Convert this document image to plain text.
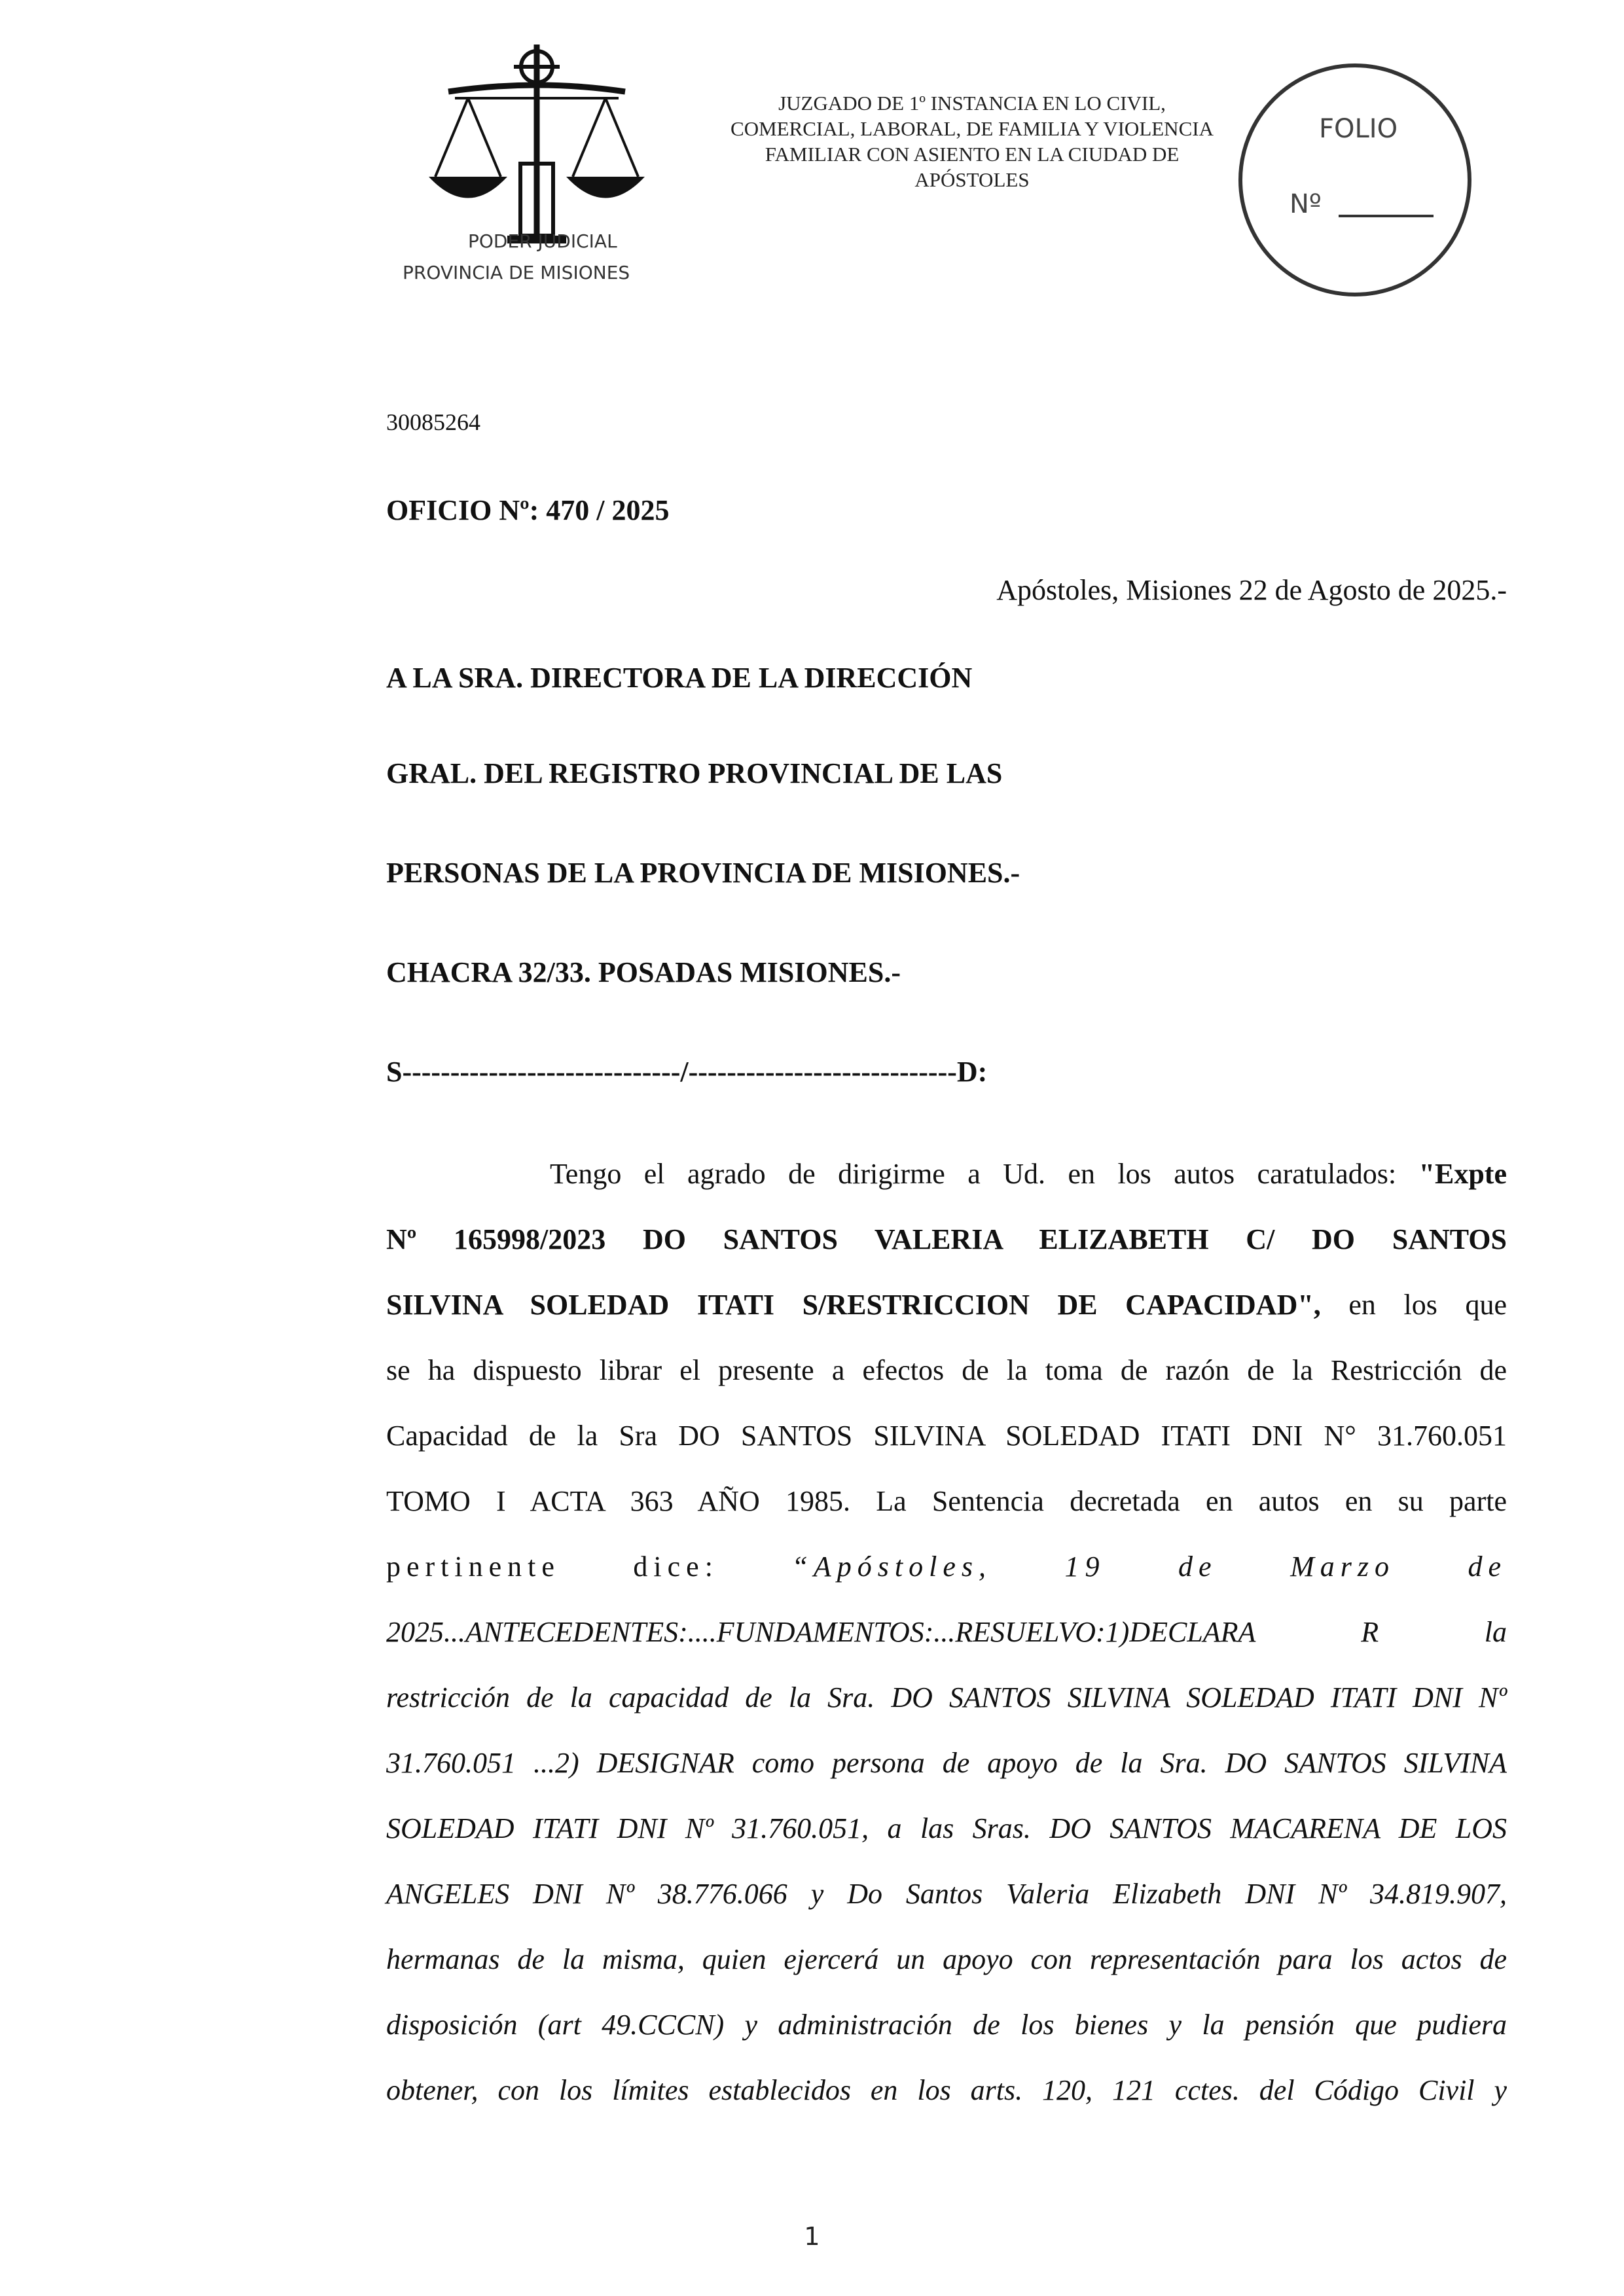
PODER JUDICIAL
PROVINCIA DE MISIONES
JUZGADO DE 1º INSTANCIA EN LO CIVIL,
COMERCIAL, LABORAL, DE FAMILIA Y VIOLENCIA
FAMILIAR CON ASIENTO EN LA CIUDAD DE
APÓSTOLES
FOLIO
Nº
30085264
OFICIO Nº: 470 / 2025
Apóstoles, Misiones 22 de Agosto de 2025.-
A LA SRA. DIRECTORA DE LA DIRECCIÓN
GRAL. DEL REGISTRO PROVINCIAL DE LAS
PERSONAS DE LA PROVINCIA DE MISIONES.-
CHACRA 32/33. POSADAS MISIONES.-
S-----------------------------/----------------------------D:
Tengo el agrado de dirigirme a Ud. en los autos caratulados: "Expte
Nº 165998/2023 DO SANTOS VALERIA ELIZABETH C/ DO SANTOS
SILVINA SOLEDAD ITATI S/RESTRICCION DE CAPACIDAD", en los que
se ha dispuesto librar el presente a efectos de la toma de razón de la Restricción de
Capacidad de la Sra DO SANTOS SILVINA SOLEDAD ITATI DNI N° 31.760.051
TOMO I ACTA 363 AÑO 1985. La Sentencia decretada en autos en su parte
pertinente dice: “Apóstoles, 19 de Marzo de
2025...ANTECEDENTES:....FUNDAMENTOS:...RESUELVO:1)DECLARA R la
restricción de la capacidad de la Sra. DO SANTOS SILVINA SOLEDAD ITATI DNI Nº
31.760.051 ...2) DESIGNAR como persona de apoyo de la Sra. DO SANTOS SILVINA
SOLEDAD ITATI DNI Nº 31.760.051, a las Sras. DO SANTOS MACARENA DE LOS
ANGELES DNI Nº 38.776.066 y Do Santos Valeria Elizabeth DNI Nº 34.819.907,
hermanas de la misma, quien ejercerá un apoyo con representación para los actos de
disposición (art 49.CCCN) y administración de los bienes y la pensión que pudiera
obtener, con los límites establecidos en los arts. 120, 121 cctes. del Código Civil y
1
